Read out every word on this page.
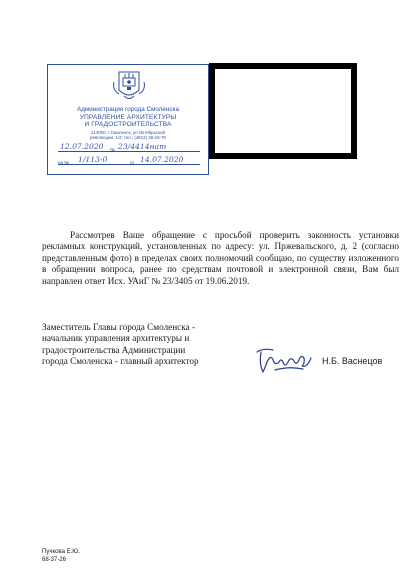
Администрация города Смоленска
УПРАВЛЕНИЕ АРХИТЕКТУРЫ
И ГРАДОСТРОИТЕЛЬСТВА
214000, г.Смоленск, ул.Октябрьской
революции, 1/2; тел.: (4812) 38-15-79
12.07.2020 № 23/4414нат
на № 1/113-0	от 14.07.2020
Рассмотрев Ваше обращение с просьбой проверить законность установки рекламных конструкций, установленных по адресу: ул. Пржевальского, д. 2 (согласно представленным фото) в пределах своих полномочий сообщаю, по существу изложенного в обращении вопроса, ранее по средствам почтовой и электронной связи, Вам был направлен ответ Исх. УАиГ № 23/3405 от 19.06.2019.
Заместитель Главы города Смоленска -
начальник управления архитектуры и
градостроительства Администрации
города Смоленска - главный архитектор	Н.Б. Васнецов
Пучкова Е.Ю.
68-37-26
